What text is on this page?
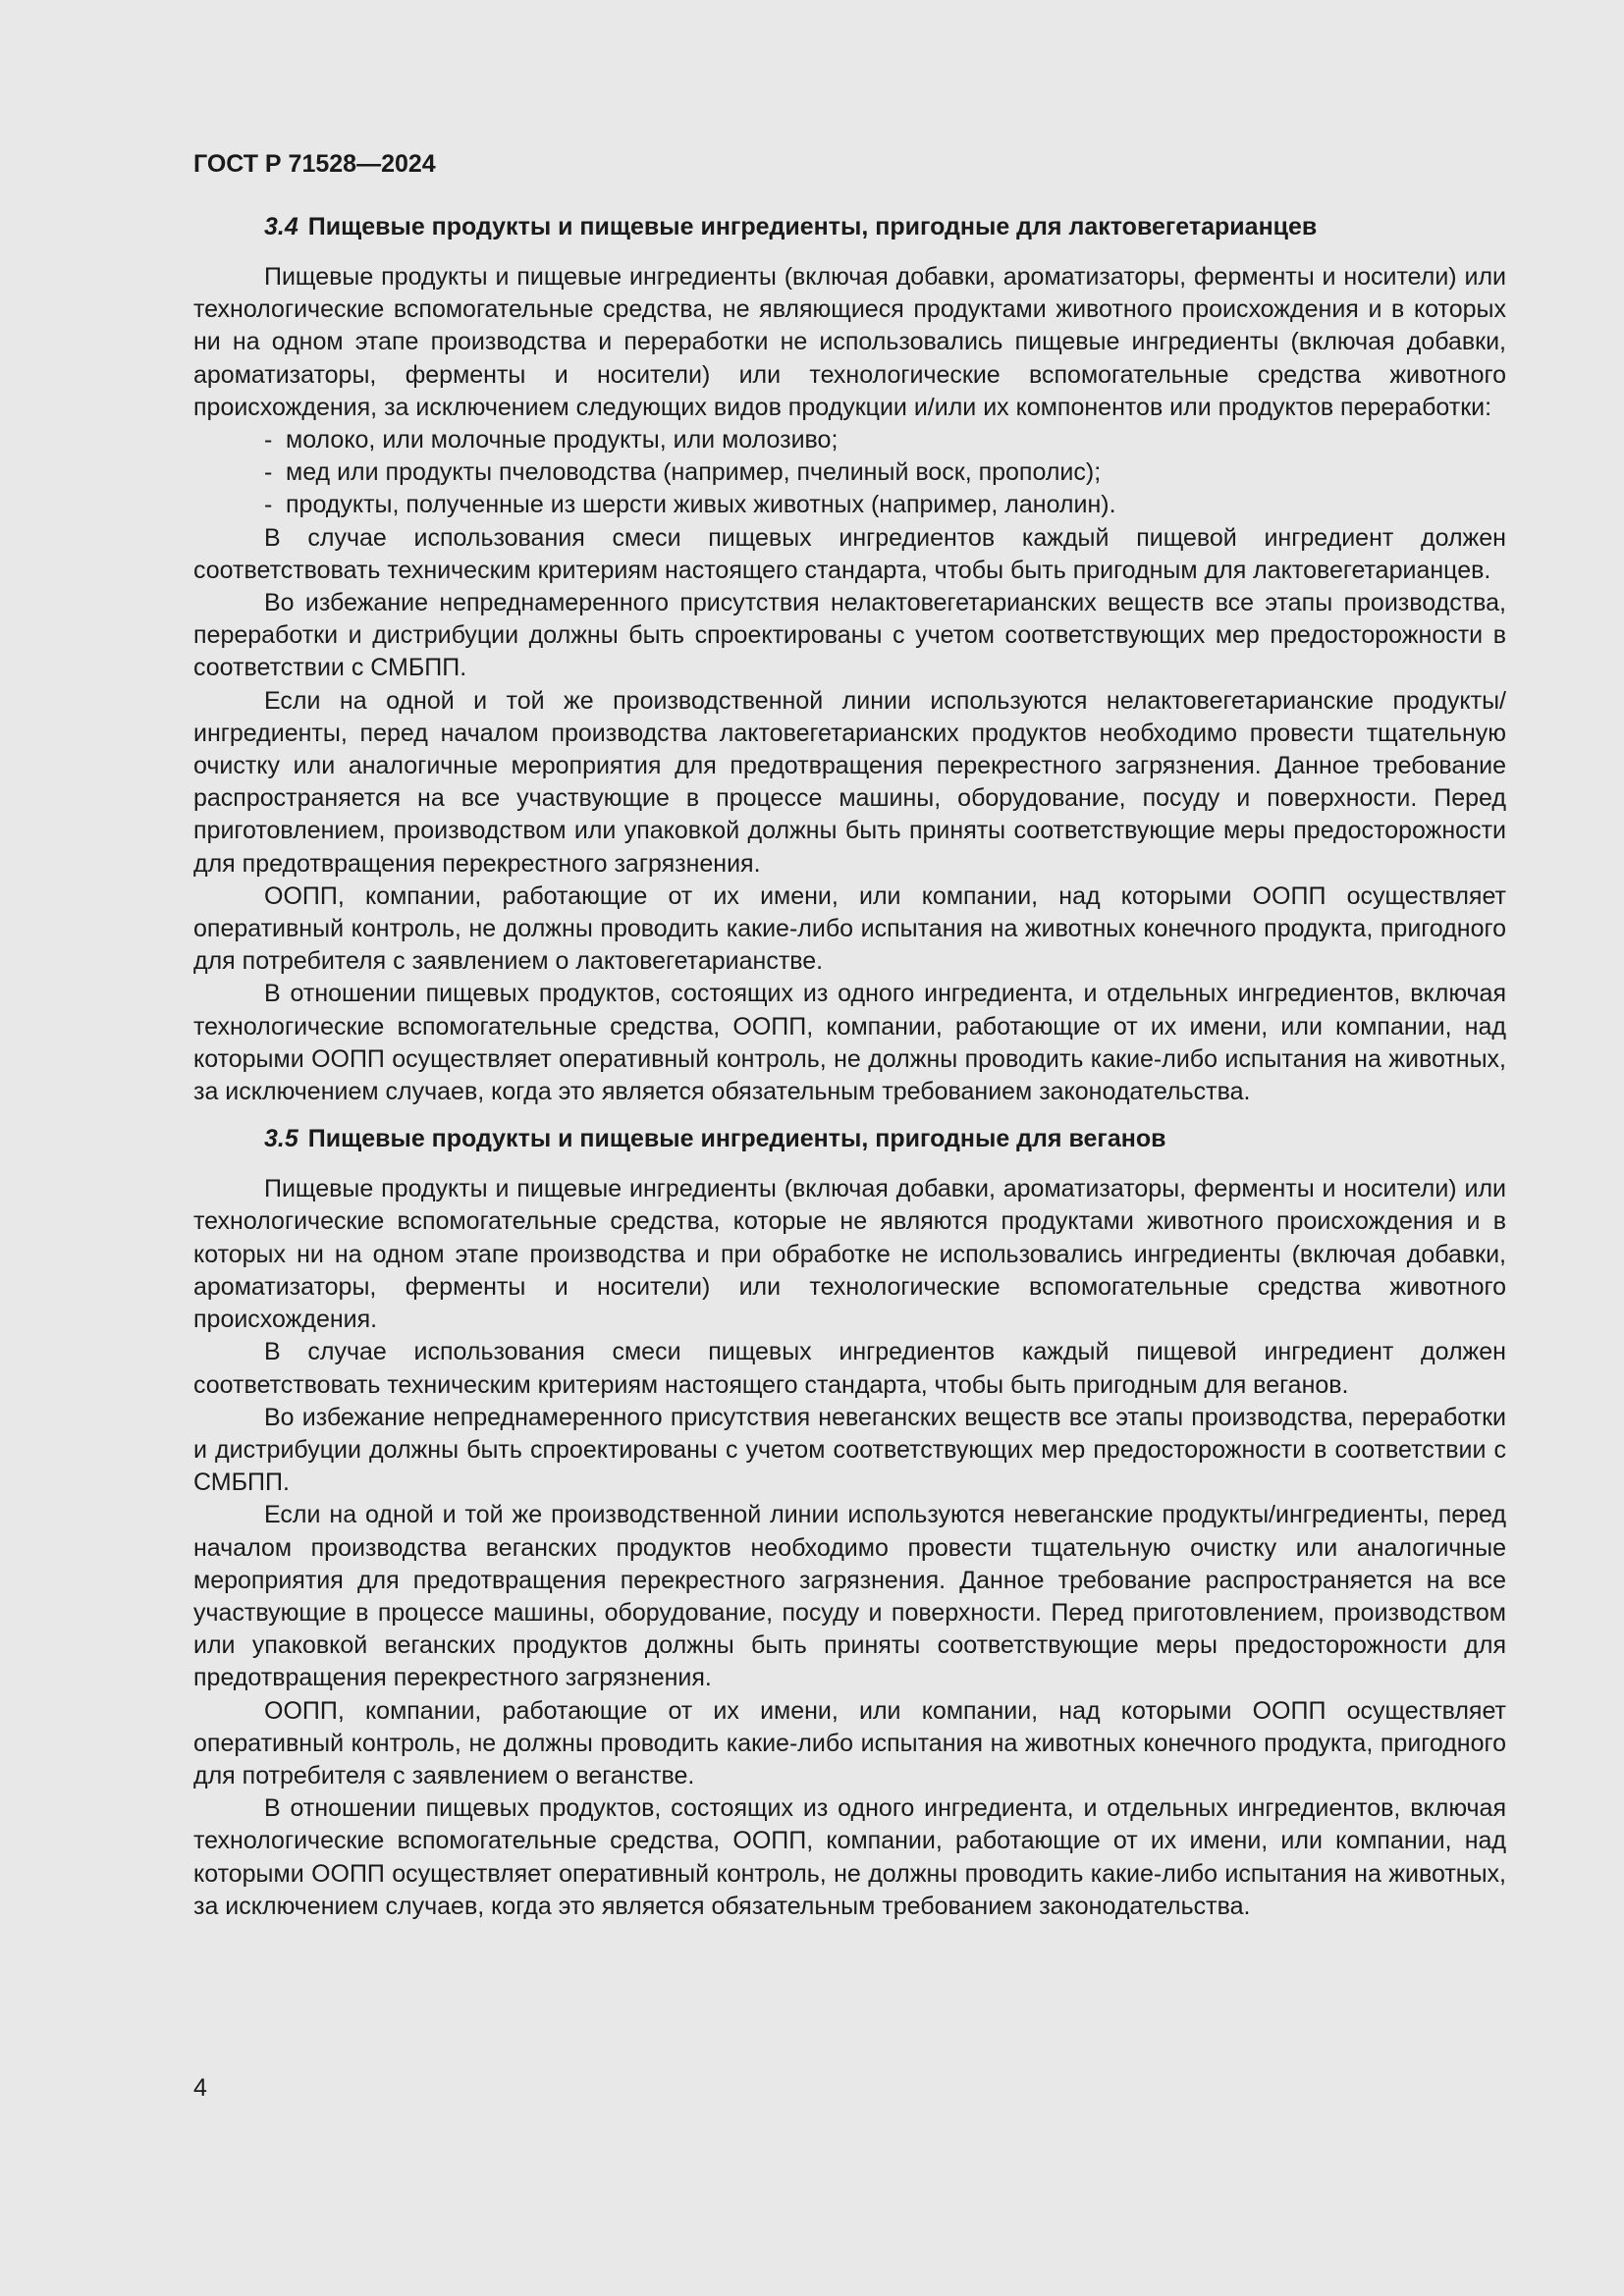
ГОСТ Р 71528—2024
3.4 Пищевые продукты и пищевые ингредиенты, пригодные для лактовегетарианцев

Пищевые продукты и пищевые ингредиенты (включая добавки, ароматизаторы, ферменты и носители) или технологические вспомогательные средства, не являющиеся продуктами животного происхождения и в которых ни на одном этапе производства и переработки не использовались пищевые ингредиенты (включая добавки, ароматизаторы, ферменты и носители) или технологические вспомогательные средства животного происхождения, за исключением следующих видов продукции и/или их компонентов или продуктов переработки:

- молоко, или молочные продукты, или молозиво;

- мед или продукты пчеловодства (например, пчелиный воск, прополис);

- продукты, полученные из шерсти живых животных (например, ланолин).

В случае использования смеси пищевых ингредиентов каждый пищевой ингредиент должен соответствовать техническим критериям настоящего стандарта, чтобы быть пригодным для лактовегетарианцев.

Во избежание непреднамеренного присутствия нелактовегетарианских веществ все этапы производства, переработки и дистрибуции должны быть спроектированы с учетом соответствующих мер предосторожности в соответствии с СМБПП.

Если на одной и той же производственной линии используются нелактовегетарианские продукты/ингредиенты, перед началом производства лактовегетарианских продуктов необходимо провести тщательную очистку или аналогичные мероприятия для предотвращения перекрестного загрязнения. Данное требование распространяется на все участвующие в процессе машины, оборудование, посуду и поверхности. Перед приготовлением, производством или упаковкой должны быть приняты соответствующие меры предосторожности для предотвращения перекрестного загрязнения.

ООПП, компании, работающие от их имени, или компании, над которыми ООПП осуществляет оперативный контроль, не должны проводить какие-либо испытания на животных конечного продукта, пригодного для потребителя с заявлением о лактовегетарианстве.

В отношении пищевых продуктов, состоящих из одного ингредиента, и отдельных ингредиентов, включая технологические вспомогательные средства, ООПП, компании, работающие от их имени, или компании, над которыми ООПП осуществляет оперативный контроль, не должны проводить какие-либо испытания на животных, за исключением случаев, когда это является обязательным требованием законодательства.

3.5 Пищевые продукты и пищевые ингредиенты, пригодные для веганов

Пищевые продукты и пищевые ингредиенты (включая добавки, ароматизаторы, ферменты и носители) или технологические вспомогательные средства, которые не являются продуктами животного происхождения и в которых ни на одном этапе производства и при обработке не использовались ингредиенты (включая добавки, ароматизаторы, ферменты и носители) или технологические вспомогательные средства животного происхождения.

В случае использования смеси пищевых ингредиентов каждый пищевой ингредиент должен соответствовать техническим критериям настоящего стандарта, чтобы быть пригодным для веганов.

Во избежание непреднамеренного присутствия невеганских веществ все этапы производства, переработки и дистрибуции должны быть спроектированы с учетом соответствующих мер предосторожности в соответствии с СМБПП.

Если на одной и той же производственной линии используются невеганские продукты/ингредиенты, перед началом производства веганских продуктов необходимо провести тщательную очистку или аналогичные мероприятия для предотвращения перекрестного загрязнения. Данное требование распространяется на все участвующие в процессе машины, оборудование, посуду и поверхности. Перед приготовлением, производством или упаковкой веганских продуктов должны быть приняты соответствующие меры предосторожности для предотвращения перекрестного загрязнения.

ООПП, компании, работающие от их имени, или компании, над которыми ООПП осуществляет оперативный контроль, не должны проводить какие-либо испытания на животных конечного продукта, пригодного для потребителя с заявлением о веганстве.

В отношении пищевых продуктов, состоящих из одного ингредиента, и отдельных ингредиентов, включая технологические вспомогательные средства, ООПП, компании, работающие от их имени, или компании, над которыми ООПП осуществляет оперативный контроль, не должны проводить какие-либо испытания на животных, за исключением случаев, когда это является обязательным требованием законодательства.

4
